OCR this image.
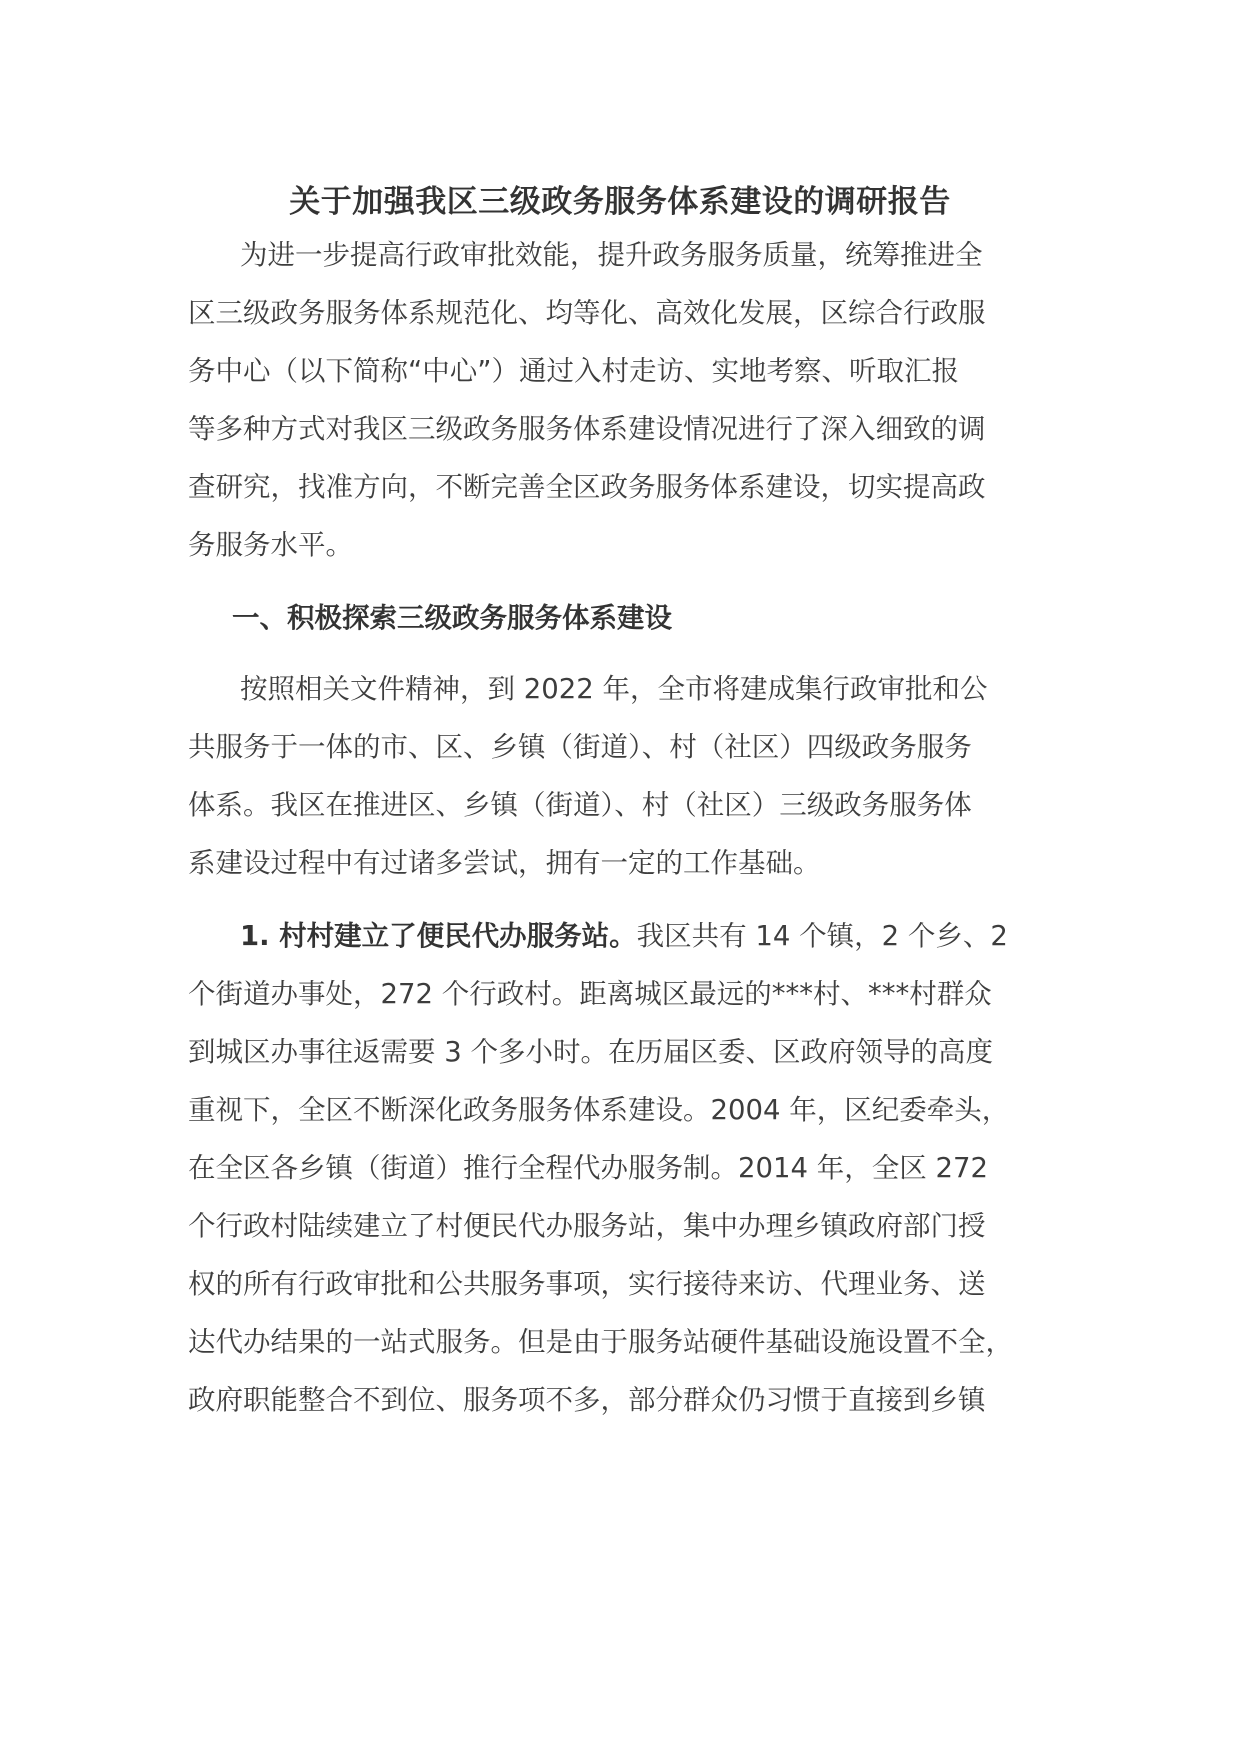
关于加强我区三级政务服务体系建设的调研报告
为进一步提高行政审批效能，提升政务服务质量，统筹推进全
区三级政务服务体系规范化、均等化、高效化发展，区综合行政服
务中心（以下简称“中心”）通过入村走访、实地考察、听取汇报
等多种方式对我区三级政务服务体系建设情况进行了深入细致的调
查研究，找准方向，不断完善全区政务服务体系建设，切实提高政
务服务水平。
一、积极探索三级政务服务体系建设
按照相关文件精神，到 2022 年，全市将建成集行政审批和公
共服务于一体的市、区、乡镇（街道）、村（社区）四级政务服务
体系。我区在推进区、乡镇（街道）、村（社区）三级政务服务体
系建设过程中有过诸多尝试，拥有一定的工作基础。
1. 村村建立了便民代办服务站。我区共有 14 个镇，2 个乡、2
个街道办事处，272 个行政村。距离城区最远的***村、***村群众
到城区办事往返需要 3 个多小时。在历届区委、区政府领导的高度
重视下，全区不断深化政务服务体系建设。2004 年，区纪委牵头，
在全区各乡镇（街道）推行全程代办服务制。2014 年，全区 272
个行政村陆续建立了村便民代办服务站，集中办理乡镇政府部门授
权的所有行政审批和公共服务事项，实行接待来访、代理业务、送
达代办结果的一站式服务。但是由于服务站硬件基础设施设置不全，
政府职能整合不到位、服务项不多，部分群众仍习惯于直接到乡镇
